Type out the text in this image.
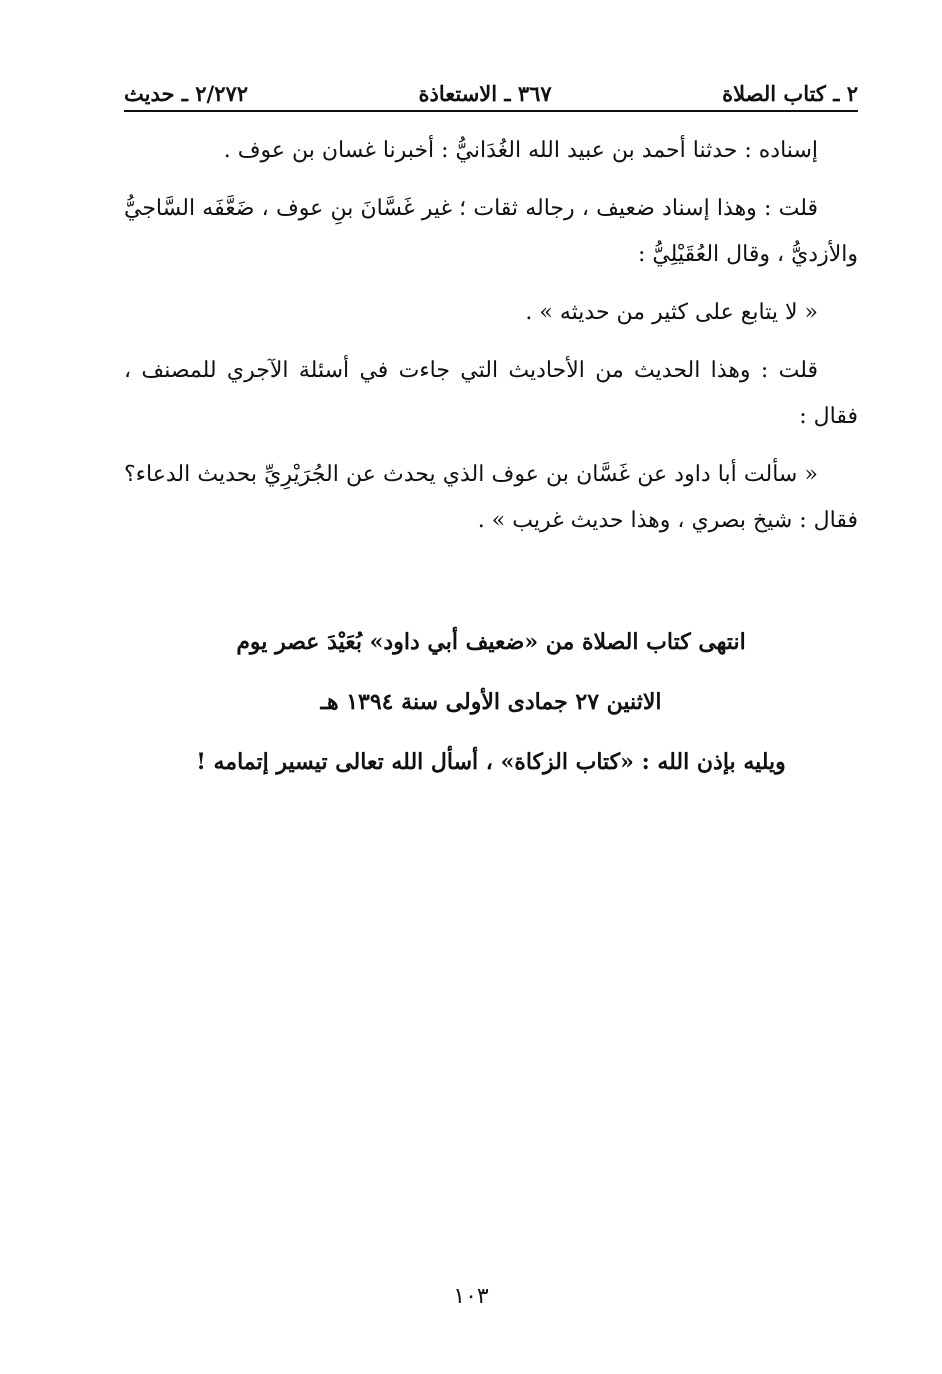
٢ ـ كتاب الصلاة
٣٦٧ ـ الاستعاذة
٢/٢٧٢ ـ حديث

إسناده : حدثنا أحمد بن عبيد الله الغُدَانيُّ : أخبرنا غسان بن عوف .

قلت : وهذا إسناد ضعيف ، رجاله ثقات ؛ غير غَسَّانَ بنِ عوف ، ضَعَّفَه السَّاجيُّ والأزديُّ ، وقال العُقَيْلِيُّ :

« لا يتابع على كثير من حديثه » .

قلت : وهذا الحديث من الأحاديث التي جاءت في أسئلة الآجري للمصنف ، فقال :

« سألت أبا داود عن غَسَّان بن عوف الذي يحدث عن الجُرَيْرِيِّ بحديث الدعاء؟ فقال : شيخ بصري ، وهذا حديث غريب » .

انتهى كتاب الصلاة من «ضعيف أبي داود» بُعَيْدَ عصر يوم
الاثنين ٢٧ جمادى الأولى سنة ١٣٩٤ هـ
ويليه بإذن الله : «كتاب الزكاة» ، أسأل الله تعالى تيسير إتمامه !
١٠٣
